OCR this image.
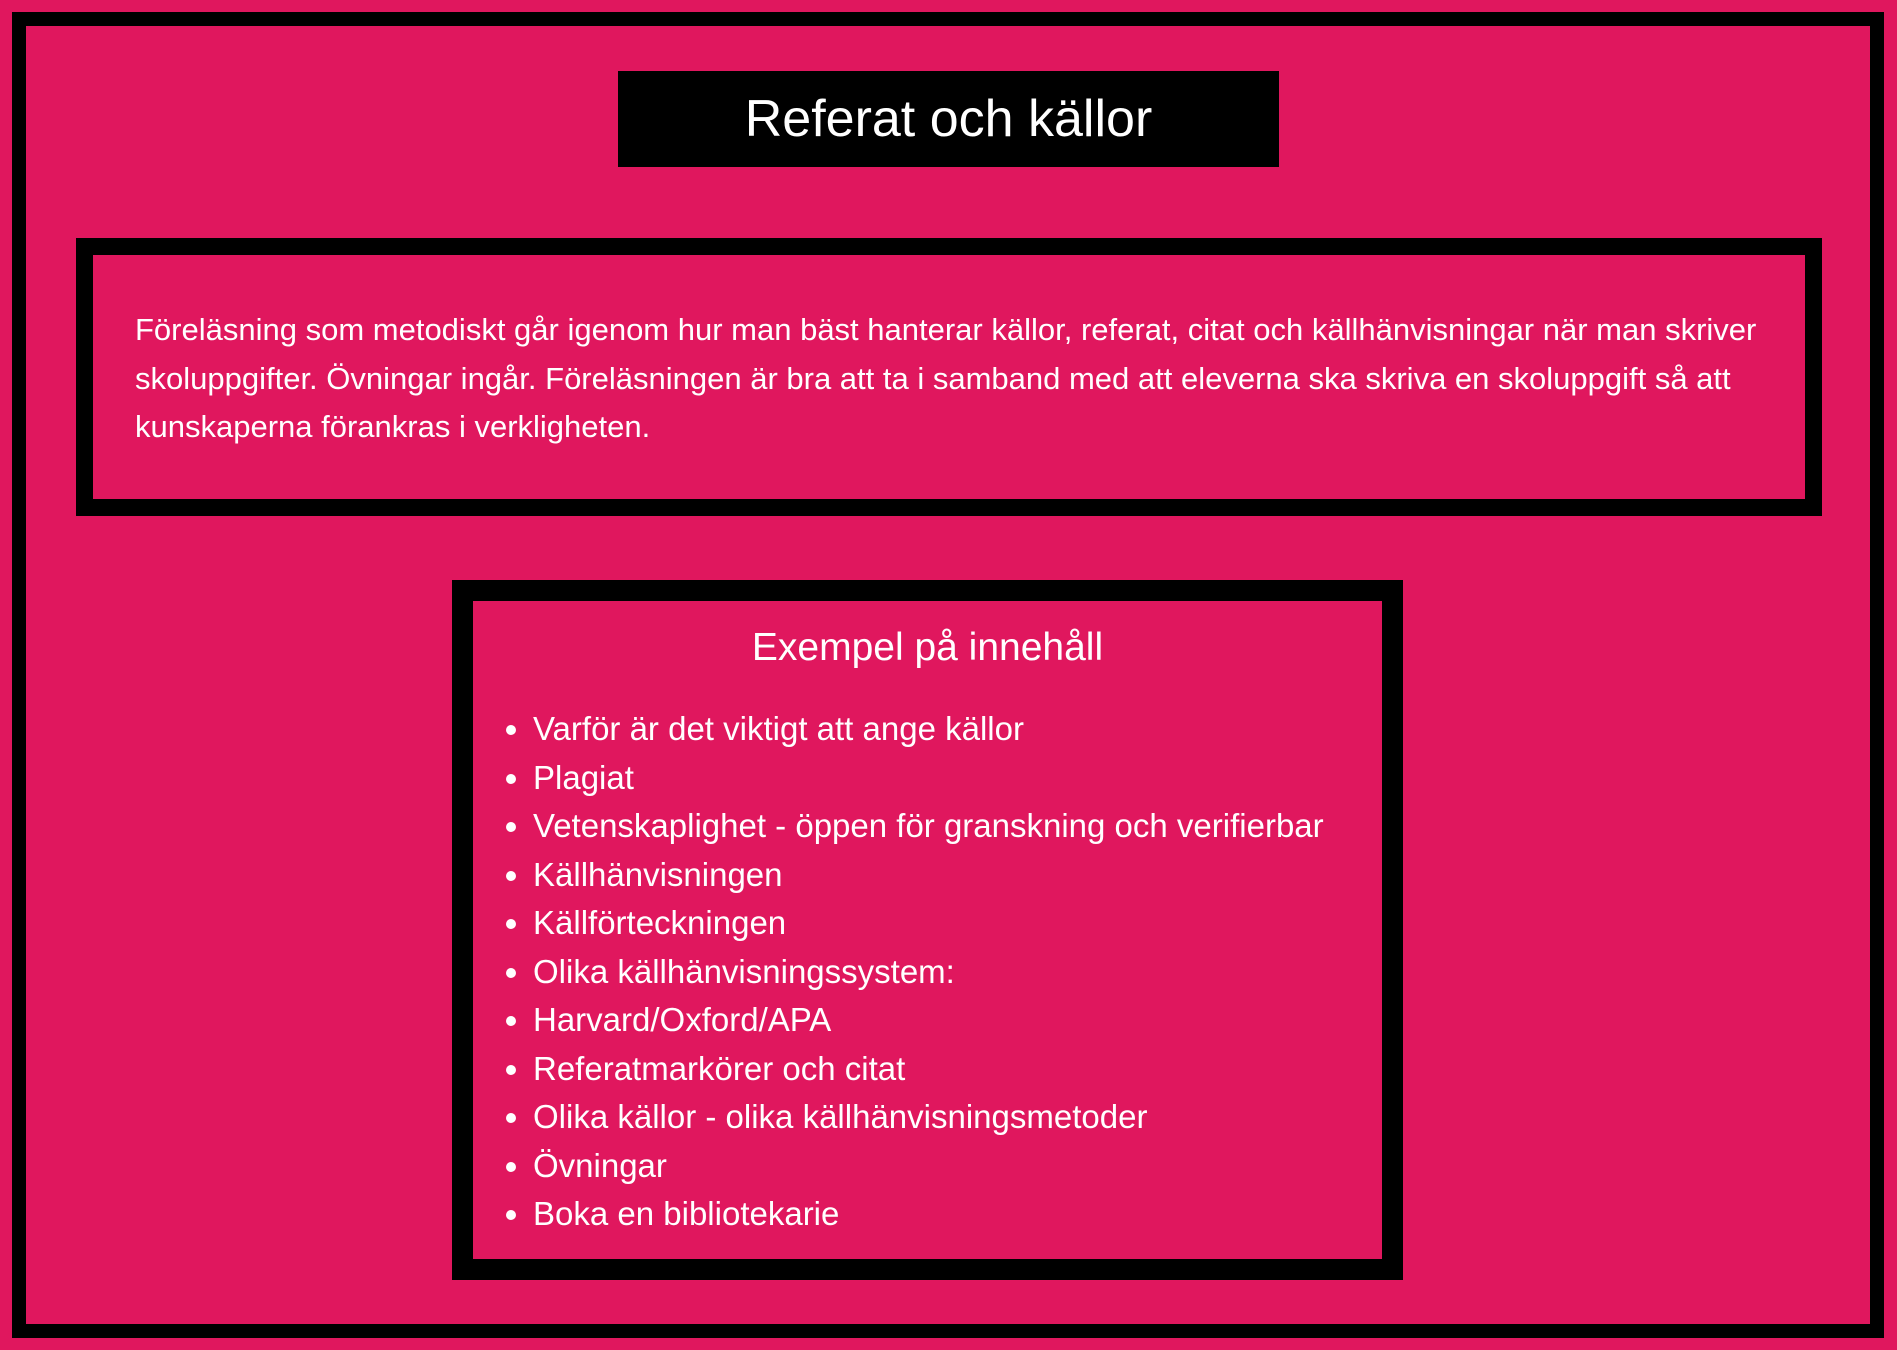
Referat och källor

Föreläsning som metodiskt går igenom hur man bäst hanterar källor, referat, citat och källhänvisningar när man skriver skoluppgifter. Övningar ingår. Föreläsningen är bra att ta i samband med att eleverna ska skriva en skoluppgift så att kunskaperna förankras i verkligheten.

Exempel på innehåll
Varför är det viktigt att ange källor
Plagiat
Vetenskaplighet - öppen för granskning och verifierbar
Källhänvisningen
Källförteckningen
Olika källhänvisningssystem:
Harvard/Oxford/APA
Referatmarkörer och citat
Olika källor - olika källhänvisningsmetoder
Övningar
Boka en bibliotekarie
